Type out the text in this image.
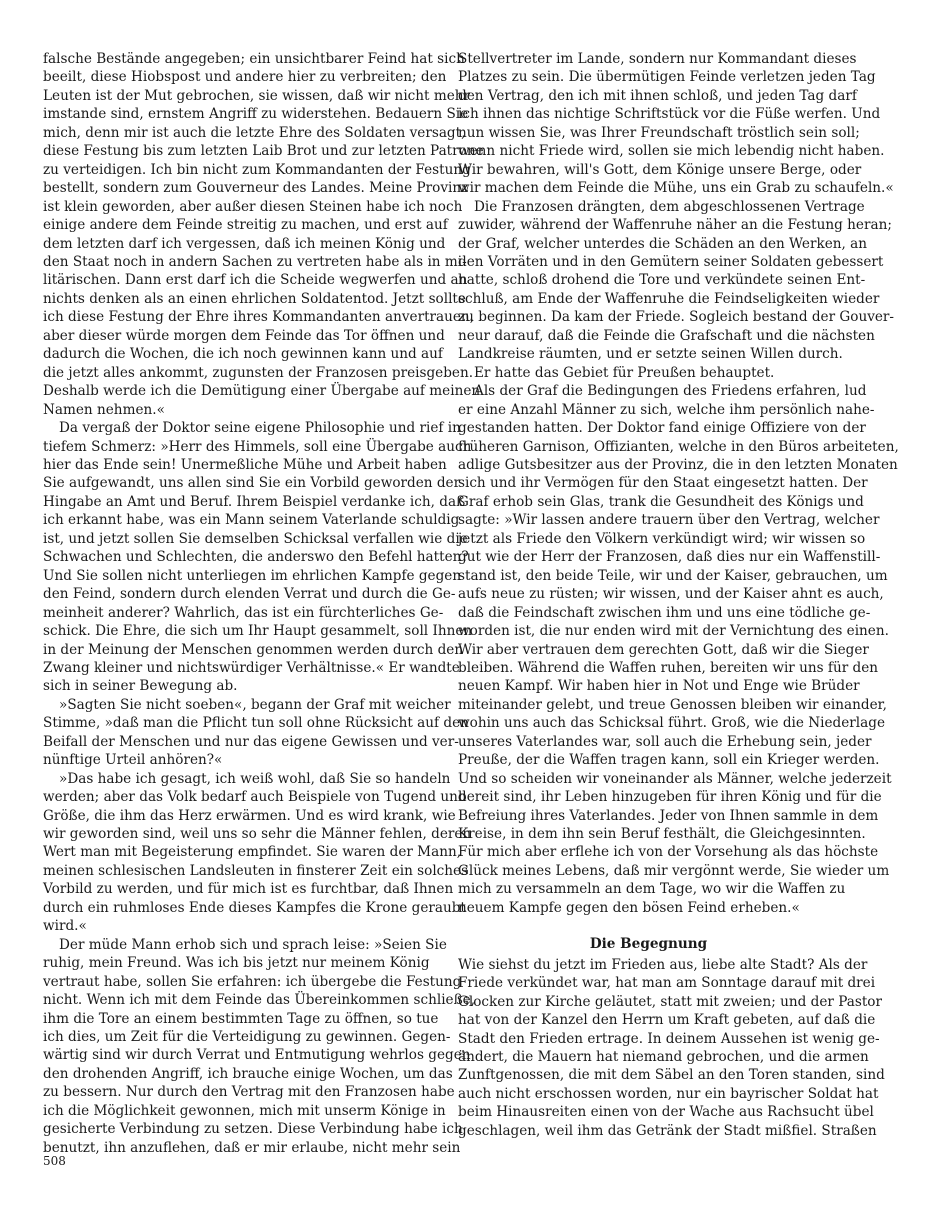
falsche Bestände angegeben; ein unsichtbarer Feind hat sich
beeilt, diese Hiobspost und andere hier zu verbreiten; den
Leuten ist der Mut gebrochen, sie wissen, daß wir nicht mehr
imstande sind, ernstem Angriff zu widerstehen. Bedauern Sie
mich, denn mir ist auch die letzte Ehre des Soldaten versagt,
diese Festung bis zum letzten Laib Brot und zur letzten Patrone
zu verteidigen. Ich bin nicht zum Kommandanten der Festung
bestellt, sondern zum Gouverneur des Landes. Meine Provinz
ist klein geworden, aber außer diesen Steinen habe ich noch
einige andere dem Feinde streitig zu machen, und erst auf
dem letzten darf ich vergessen, daß ich meinen König und
den Staat noch in andern Sachen zu vertreten habe als in mi-
litärischen. Dann erst darf ich die Scheide wegwerfen und an
nichts denken als an einen ehrlichen Soldatentod. Jetzt sollte
ich diese Festung der Ehre ihres Kommandanten anvertrauen,
aber dieser würde morgen dem Feinde das Tor öffnen und
dadurch die Wochen, die ich noch gewinnen kann und auf
die jetzt alles ankommt, zugunsten der Franzosen preisgeben.
Deshalb werde ich die Demütigung einer Übergabe auf meinen
Namen nehmen.«
Da vergaß der Doktor seine eigene Philosophie und rief in
tiefem Schmerz: »Herr des Himmels, soll eine Übergabe auch
hier das Ende sein! Unermeßliche Mühe und Arbeit haben
Sie aufgewandt, uns allen sind Sie ein Vorbild geworden der
Hingabe an Amt und Beruf. Ihrem Beispiel verdanke ich, daß
ich erkannt habe, was ein Mann seinem Vaterlande schuldig
ist, und jetzt sollen Sie demselben Schicksal verfallen wie die
Schwachen und Schlechten, die anderswo den Befehl hatten?
Und Sie sollen nicht unterliegen im ehrlichen Kampfe gegen
den Feind, sondern durch elenden Verrat und durch die Ge-
meinheit anderer? Wahrlich, das ist ein fürchterliches Ge-
schick. Die Ehre, die sich um Ihr Haupt gesammelt, soll Ihnen
in der Meinung der Menschen genommen werden durch den
Zwang kleiner und nichtswürdiger Verhältnisse.« Er wandte
sich in seiner Bewegung ab.
»Sagten Sie nicht soeben«, begann der Graf mit weicher
Stimme, »daß man die Pflicht tun soll ohne Rücksicht auf den
Beifall der Menschen und nur das eigene Gewissen und ver-
nünftige Urteil anhören?«
»Das habe ich gesagt, ich weiß wohl, daß Sie so handeln
werden; aber das Volk bedarf auch Beispiele von Tugend und
Größe, die ihm das Herz erwärmen. Und es wird krank, wie
wir geworden sind, weil uns so sehr die Männer fehlen, deren
Wert man mit Begeisterung empfindet. Sie waren der Mann,
meinen schlesischen Landsleuten in finsterer Zeit ein solches
Vorbild zu werden, und für mich ist es furchtbar, daß Ihnen
durch ein ruhmloses Ende dieses Kampfes die Krone geraubt
wird.«
Der müde Mann erhob sich und sprach leise: »Seien Sie
ruhig, mein Freund. Was ich bis jetzt nur meinem König
vertraut habe, sollen Sie erfahren: ich übergebe die Festung
nicht. Wenn ich mit dem Feinde das Übereinkommen schließe,
ihm die Tore an einem bestimmten Tage zu öffnen, so tue
ich dies, um Zeit für die Verteidigung zu gewinnen. Gegen-
wärtig sind wir durch Verrat und Entmutigung wehrlos gegen
den drohenden Angriff, ich brauche einige Wochen, um das
zu bessern. Nur durch den Vertrag mit den Franzosen habe
ich die Möglichkeit gewonnen, mich mit unserm Könige in
gesicherte Verbindung zu setzen. Diese Verbindung habe ich
benutzt, ihn anzuflehen, daß er mir erlaube, nicht mehr sein
Stellvertreter im Lande, sondern nur Kommandant dieses
Platzes zu sein. Die übermütigen Feinde verletzen jeden Tag
den Vertrag, den ich mit ihnen schloß, und jeden Tag darf
ich ihnen das nichtige Schriftstück vor die Füße werfen. Und
nun wissen Sie, was Ihrer Freundschaft tröstlich sein soll;
wenn nicht Friede wird, sollen sie mich lebendig nicht haben.
Wir bewahren, will's Gott, dem Könige unsere Berge, oder
wir machen dem Feinde die Mühe, uns ein Grab zu schaufeln.«
Die Franzosen drängten, dem abgeschlossenen Vertrage
zuwider, während der Waffenruhe näher an die Festung heran;
der Graf, welcher unterdes die Schäden an den Werken, an
den Vorräten und in den Gemütern seiner Soldaten gebessert
hatte, schloß drohend die Tore und verkündete seinen Ent-
schluß, am Ende der Waffenruhe die Feindseligkeiten wieder
zu beginnen. Da kam der Friede. Sogleich bestand der Gouver-
neur darauf, daß die Feinde die Grafschaft und die nächsten
Landkreise räumten, und er setzte seinen Willen durch.
Er hatte das Gebiet für Preußen behauptet.
Als der Graf die Bedingungen des Friedens erfahren, lud
er eine Anzahl Männer zu sich, welche ihm persönlich nahe-
gestanden hatten. Der Doktor fand einige Offiziere von der
früheren Garnison, Offizianten, welche in den Büros arbeiteten,
adlige Gutsbesitzer aus der Provinz, die in den letzten Monaten
sich und ihr Vermögen für den Staat eingesetzt hatten. Der
Graf erhob sein Glas, trank die Gesundheit des Königs und
sagte: »Wir lassen andere trauern über den Vertrag, welcher
jetzt als Friede den Völkern verkündigt wird; wir wissen so
gut wie der Herr der Franzosen, daß dies nur ein Waffenstill-
stand ist, den beide Teile, wir und der Kaiser, gebrauchen, um
aufs neue zu rüsten; wir wissen, und der Kaiser ahnt es auch,
daß die Feindschaft zwischen ihm und uns eine tödliche ge-
worden ist, die nur enden wird mit der Vernichtung des einen.
Wir aber vertrauen dem gerechten Gott, daß wir die Sieger
bleiben. Während die Waffen ruhen, bereiten wir uns für den
neuen Kampf. Wir haben hier in Not und Enge wie Brüder
miteinander gelebt, und treue Genossen bleiben wir einander,
wohin uns auch das Schicksal führt. Groß, wie die Niederlage
unseres Vaterlandes war, soll auch die Erhebung sein, jeder
Preuße, der die Waffen tragen kann, soll ein Krieger werden.
Und so scheiden wir voneinander als Männer, welche jederzeit
bereit sind, ihr Leben hinzugeben für ihren König und für die
Befreiung ihres Vaterlandes. Jeder von Ihnen sammle in dem
Kreise, in dem ihn sein Beruf festhält, die Gleichgesinnten.
Für mich aber erflehe ich von der Vorsehung als das höchste
Glück meines Lebens, daß mir vergönnt werde, Sie wieder um
mich zu versammeln an dem Tage, wo wir die Waffen zu
neuem Kampfe gegen den bösen Feind erheben.«
Die Begegnung
Wie siehst du jetzt im Frieden aus, liebe alte Stadt? Als der
Friede verkündet war, hat man am Sonntage darauf mit drei
Glocken zur Kirche geläutet, statt mit zweien; und der Pastor
hat von der Kanzel den Herrn um Kraft gebeten, auf daß die
Stadt den Frieden ertrage. In deinem Aussehen ist wenig ge-
ändert, die Mauern hat niemand gebrochen, und die armen
Zunftgenossen, die mit dem Säbel an den Toren standen, sind
auch nicht erschossen worden, nur ein bayrischer Soldat hat
beim Hinausreiten einen von der Wache aus Rachsucht übel
geschlagen, weil ihm das Getränk der Stadt mißfiel. Straßen
508
